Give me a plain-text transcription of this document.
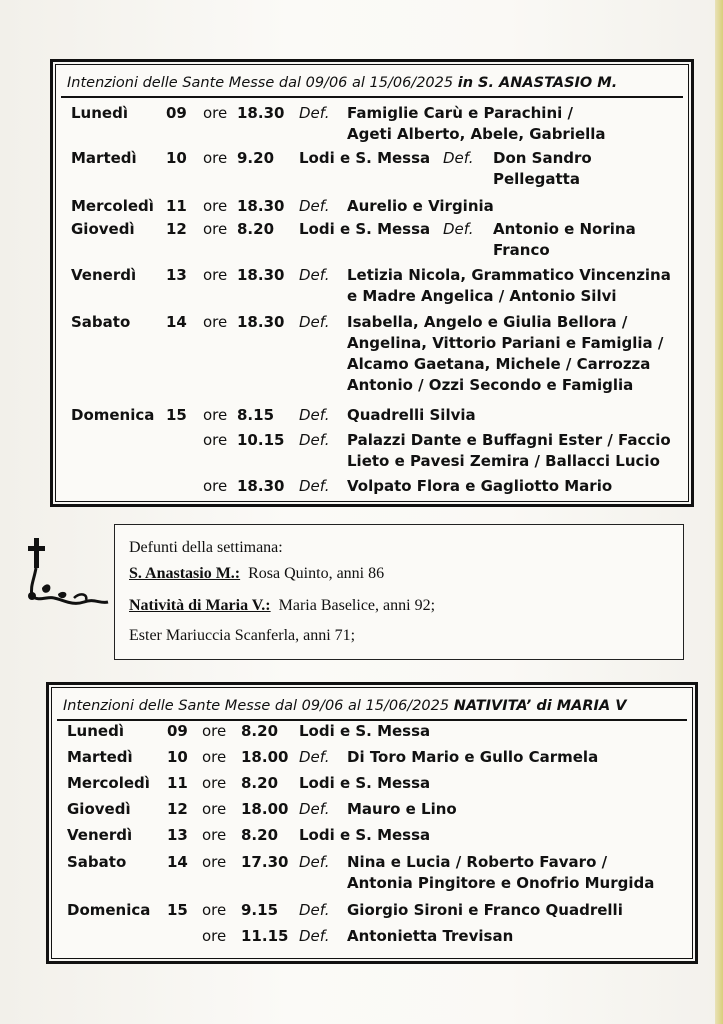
Intenzioni delle Sante Messe dal 09/06 al 15/06/2025 in S. ANASTASIO M.
Lunedì	09 ore 18.30 Def. Famiglie Carù e Parachini /
Ageti Alberto, Abele, Gabriella
Martedì 10 ore 9.20 Lodi e S. Messa Def. Don Sandro
Pellegatta
Mercoledì 11 ore 18.30 Def. Aurelio e Virginia
Giovedì 12 ore 8.20 Lodi e S. Messa Def. Antonio e Norina
Franco
Venerdì 13 ore 18.30 Def. Letizia Nicola, Grammatico Vincenzina
e Madre Angelica / Antonio Silvi
Sabato 14 ore 18.30 Def. Isabella, Angelo e Giulia Bellora /
Angelina, Vittorio Pariani e Famiglia /
Alcamo Gaetana, Michele / Carrozza
Antonio / Ozzi Secondo e Famiglia
Domenica 15 ore 8.15 Def. Quadrelli Silvia
ore 10.15 Def. Palazzi Dante e Buffagni Ester / Faccio
Lieto e Pavesi Zemira / Ballacci Lucio
ore 18.30 Def. Volpato Flora e Gagliotto Mario
Defunti della settimana:
S. Anastasio M.: Rosa Quinto, anni 86
Natività di Maria V.: Maria Baselice, anni 92;
Ester Mariuccia Scanferla, anni 71;
Intenzioni delle Sante Messe dal 09/06 al 15/06/2025 NATIVITA’ di MARIA V
Lunedì	09 ore 8.20 Lodi e S. Messa
Martedì 10 ore 18.00 Def. Di Toro Mario e Gullo Carmela
Mercoledì 11 ore 8.20 Lodi e S. Messa
Giovedì 12 ore 18.00 Def. Mauro e Lino
Venerdì 13 ore 8.20 Lodi e S. Messa
Sabato	14 ore 17.30 Def. Nina e Lucia / Roberto Favaro /
Antonia Pingitore e Onofrio Murgida
Domenica 15 ore 9.15 Def. Giorgio Sironi e Franco Quadrelli
ore 11.15 Def. Antonietta Trevisan
